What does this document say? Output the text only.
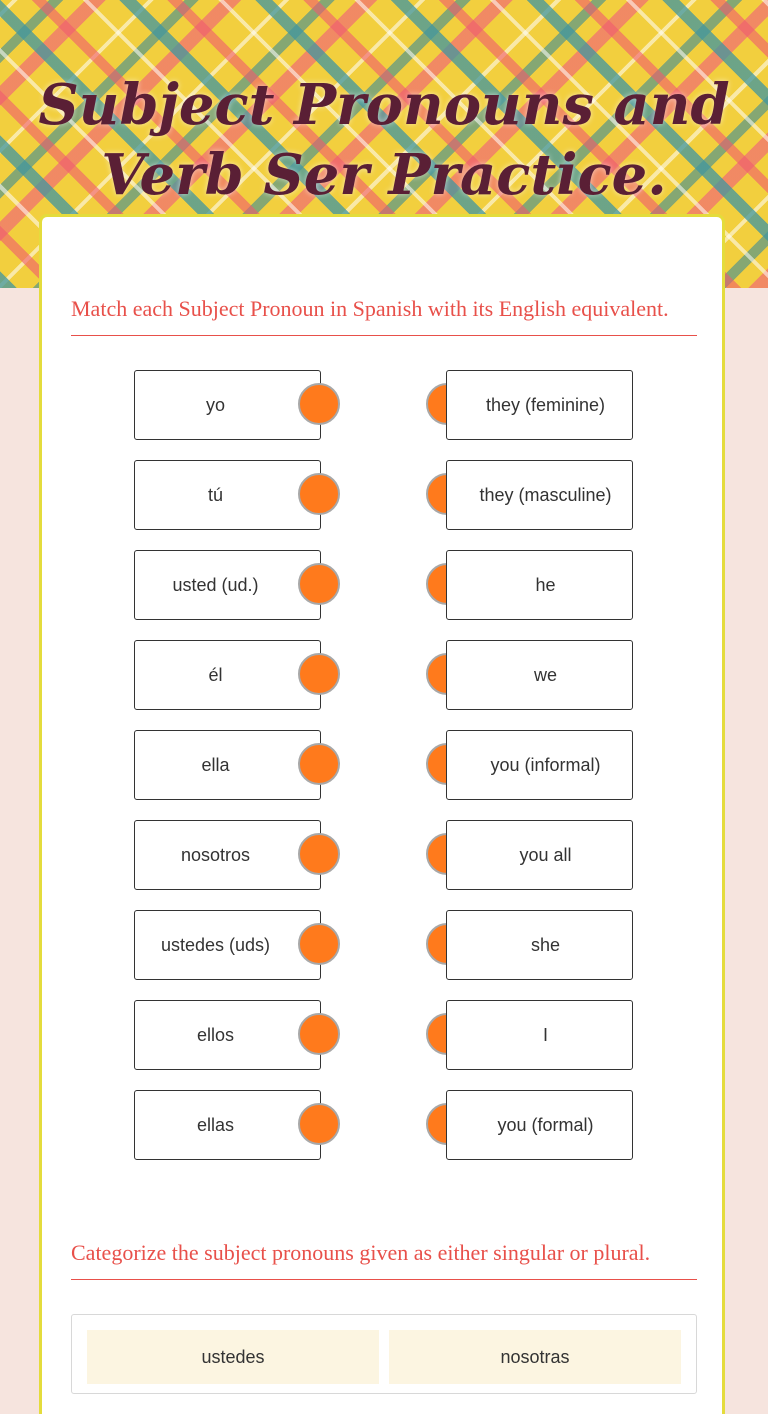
Subject Pronouns and Verb Ser Practice.

Match each Subject Pronoun in Spanish with its English equivalent.

yo	they (feminine)
tú	they (masculine)
usted (ud.)	he
él	we
ella	you (informal)
nosotros	you all
ustedes (uds)	she
ellos	I
ellas	you (formal)

Categorize the subject pronouns given as either singular or plural.

ustedes	nosotras
